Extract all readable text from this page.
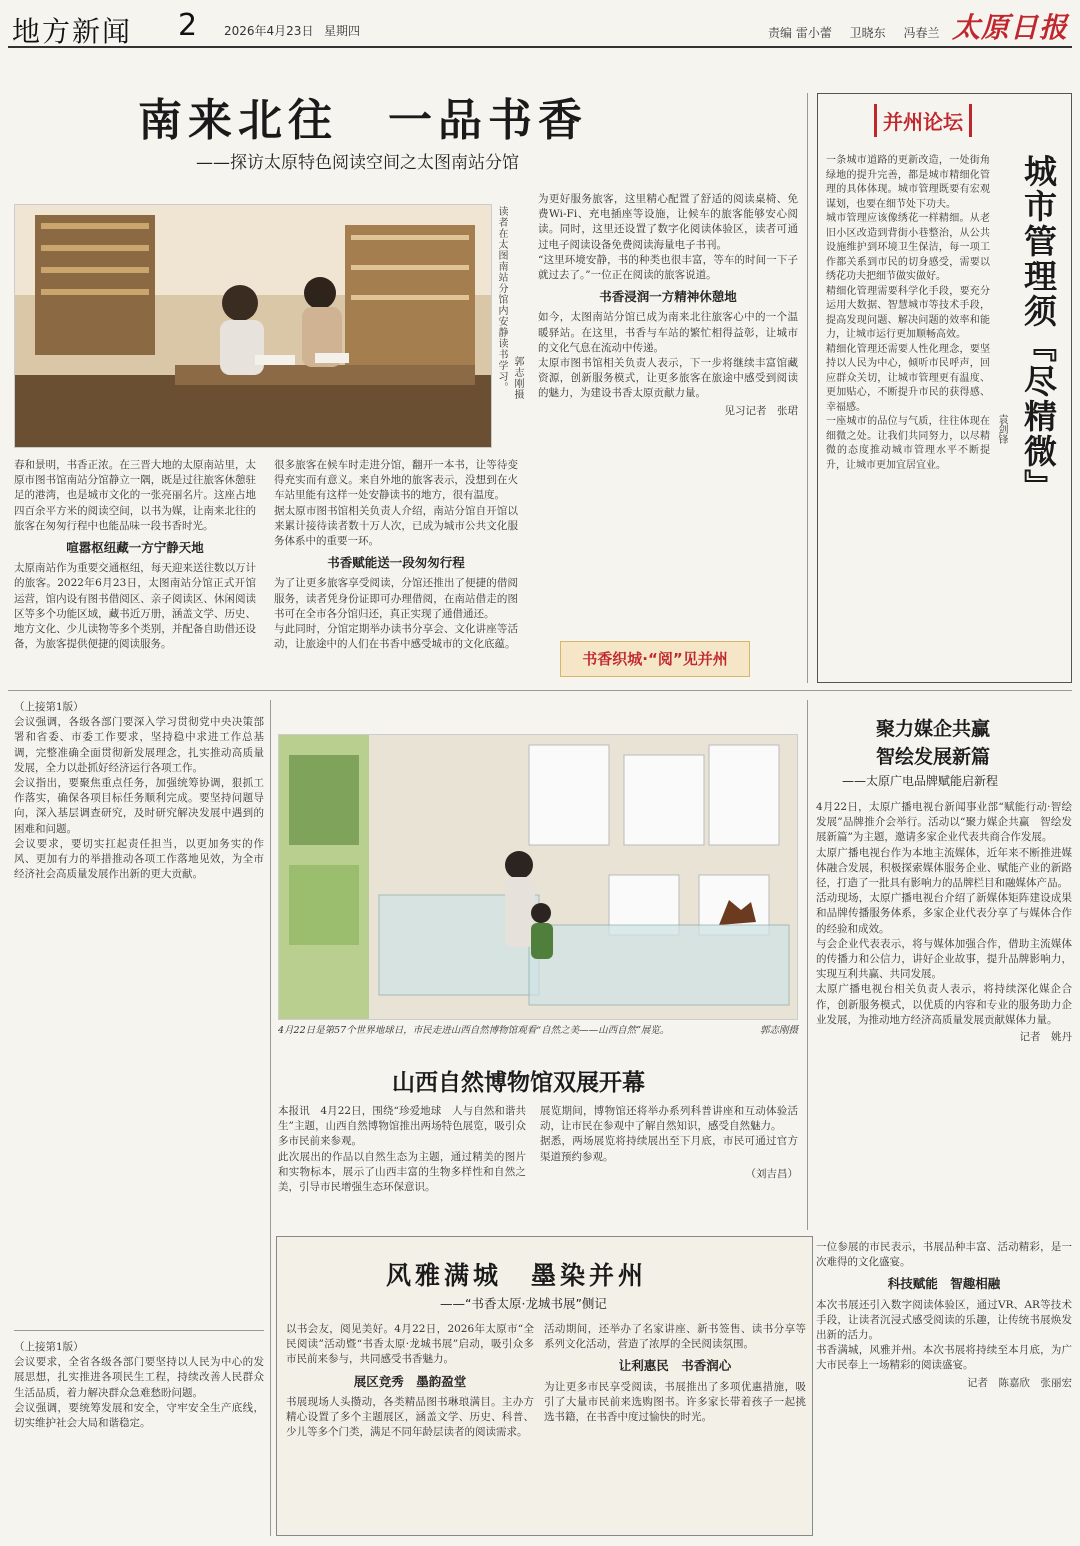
地方新闻 2 2026年4月23日 星期四	责编 雷小蕾 卫晓东 冯春兰 太原日报
南来北往　一品书香
——探访太原特色阅读空间之太图南站分馆
读者在太图南站分馆内安静读书学习。 郭志刚摄

春和景明，书香正浓。在三晋大地的太原南站里，太原市图书馆南站分馆静立一隅，既是过往旅客休憩驻足的港湾，也是城市文化的一张亮丽名片。这座占地四百余平方米的阅读空间，以书为媒，让南来北往的旅客在匆匆行程中也能品味一段书香时光。

喧嚣枢纽藏一方宁静天地

太原南站作为重要交通枢纽，每天迎来送往数以万计的旅客。2022年6月23日，太图南站分馆正式开馆运营，馆内设有图书借阅区、亲子阅读区、休闲阅读区等多个功能区域，藏书近万册，涵盖文学、历史、地方文化、少儿读物等多个类别，并配备自助借还设备，为旅客提供便捷的阅读服务。

很多旅客在候车时走进分馆，翻开一本书，让等待变得充实而有意义。来自外地的旅客表示，没想到在火车站里能有这样一处安静读书的地方，很有温度。

据太原市图书馆相关负责人介绍，南站分馆自开馆以来累计接待读者数十万人次，已成为城市公共文化服务体系中的重要一环。

书香赋能送一段匆匆行程

为了让更多旅客享受阅读，分馆还推出了便捷的借阅服务，读者凭身份证即可办理借阅，在南站借走的图书可在全市各分馆归还，真正实现了通借通还。

与此同时，分馆定期举办读书分享会、文化讲座等活动，让旅途中的人们在书香中感受城市的文化底蕴。

为更好服务旅客，这里精心配置了舒适的阅读桌椅、免费Wi-Fi、充电插座等设施，让候车的旅客能够安心阅读。同时，这里还设置了数字化阅读体验区，读者可通过电子阅读设备免费阅读海量电子书刊。

“这里环境安静，书的种类也很丰富，等车的时间一下子就过去了。”一位正在阅读的旅客说道。

书香浸润一方精神休憩地

如今，太图南站分馆已成为南来北往旅客心中的一个温暖驿站。在这里，书香与车站的繁忙相得益彰，让城市的文化气息在流动中传递。

太原市图书馆相关负责人表示，下一步将继续丰富馆藏资源，创新服务模式，让更多旅客在旅途中感受到阅读的魅力，为建设书香太原贡献力量。

见习记者　张珺
书香织城·“阅”见并州
并州论坛
城市管理须『尽精微』
袁剑锋

一条城市道路的更新改造，一处街角绿地的提升完善，都是城市精细化管理的具体体现。城市管理既要有宏观谋划，也要在细节处下功夫。

城市管理应该像绣花一样精细。从老旧小区改造到背街小巷整治，从公共设施维护到环境卫生保洁，每一项工作都关系到市民的切身感受，需要以绣花功夫把细节做实做好。

精细化管理需要科学化手段，要充分运用大数据、智慧城市等技术手段，提高发现问题、解决问题的效率和能力，让城市运行更加顺畅高效。

精细化管理还需要人性化理念，要坚持以人民为中心，倾听市民呼声，回应群众关切，让城市管理更有温度、更加贴心，不断提升市民的获得感、幸福感。

一座城市的品位与气质，往往体现在细微之处。让我们共同努力，以尽精微的态度推动城市管理水平不断提升，让城市更加宜居宜业。

（上接第1版）

会议强调，各级各部门要深入学习贯彻党中央决策部署和省委、市委工作要求，坚持稳中求进工作总基调，完整准确全面贯彻新发展理念，扎实推动高质量发展，全力以赴抓好经济运行各项工作。

会议指出，要聚焦重点任务，加强统筹协调，狠抓工作落实，确保各项目标任务顺利完成。要坚持问题导向，深入基层调查研究，及时研究解决发展中遇到的困难和问题。

会议要求，要切实扛起责任担当，以更加务实的作风、更加有力的举措推动各项工作落地见效，为全市经济社会高质量发展作出新的更大贡献。

（上接第1版）

会议要求，全省各级各部门要坚持以人民为中心的发展思想，扎实推进各项民生工程，持续改善人民群众生活品质，着力解决群众急难愁盼问题。

会议强调，要统筹发展和安全，守牢安全生产底线，切实维护社会大局和谐稳定。

4月22日是第57个世界地球日，市民走进山西自然博物馆观看“自然之美——山西自然”展览。	郭志刚摄
山西自然博物馆双展开幕

本报讯　4月22日，围绕“珍爱地球　人与自然和谐共生”主题，山西自然博物馆推出两场特色展览，吸引众多市民前来参观。

此次展出的作品以自然生态为主题，通过精美的图片和实物标本，展示了山西丰富的生物多样性和自然之美，引导市民增强生态环保意识。

展览期间，博物馆还将举办系列科普讲座和互动体验活动，让市民在参观中了解自然知识，感受自然魅力。

据悉，两场展览将持续展出至下月底，市民可通过官方渠道预约参观。

（刘吉昌）
聚力媒企共赢
智绘发展新篇
——太原广电品牌赋能启新程

4月22日，太原广播电视台新闻事业部“赋能行动·智绘发展”品牌推介会举行。活动以“聚力媒企共赢　智绘发展新篇”为主题，邀请多家企业代表共商合作发展。

太原广播电视台作为本地主流媒体，近年来不断推进媒体融合发展，积极探索媒体服务企业、赋能产业的新路径，打造了一批具有影响力的品牌栏目和融媒体产品。

活动现场，太原广播电视台介绍了新媒体矩阵建设成果和品牌传播服务体系，多家企业代表分享了与媒体合作的经验和成效。

与会企业代表表示，将与媒体加强合作，借助主流媒体的传播力和公信力，讲好企业故事，提升品牌影响力，实现互利共赢、共同发展。

太原广播电视台相关负责人表示，将持续深化媒企合作，创新服务模式，以优质的内容和专业的服务助力企业发展，为推动地方经济高质量发展贡献媒体力量。

记者　姚丹
风雅满城　墨染并州
——“书香太原·龙城书展”侧记

以书会友，阅见美好。4月22日，2026年太原市“全民阅读”活动暨“书香太原·龙城书展”启动，吸引众多市民前来参与，共同感受书香魅力。

展区竞秀　墨韵盈堂

书展现场人头攒动，各类精品图书琳琅满目。主办方精心设置了多个主题展区，涵盖文学、历史、科普、少儿等多个门类，满足不同年龄层读者的阅读需求。

活动期间，还举办了名家讲座、新书签售、读书分享等系列文化活动，营造了浓厚的全民阅读氛围。

让利惠民　书香润心

为让更多市民享受阅读，书展推出了多项优惠措施，吸引了大量市民前来选购图书。许多家长带着孩子一起挑选书籍，在书香中度过愉快的时光。

一位参展的市民表示，书展品种丰富、活动精彩，是一次难得的文化盛宴。

科技赋能　智趣相融

本次书展还引入数字阅读体验区，通过VR、AR等技术手段，让读者沉浸式感受阅读的乐趣，让传统书展焕发出新的活力。

书香满城，风雅并州。本次书展将持续至本月底，为广大市民奉上一场精彩的阅读盛宴。

记者　陈嘉欣　张丽宏
